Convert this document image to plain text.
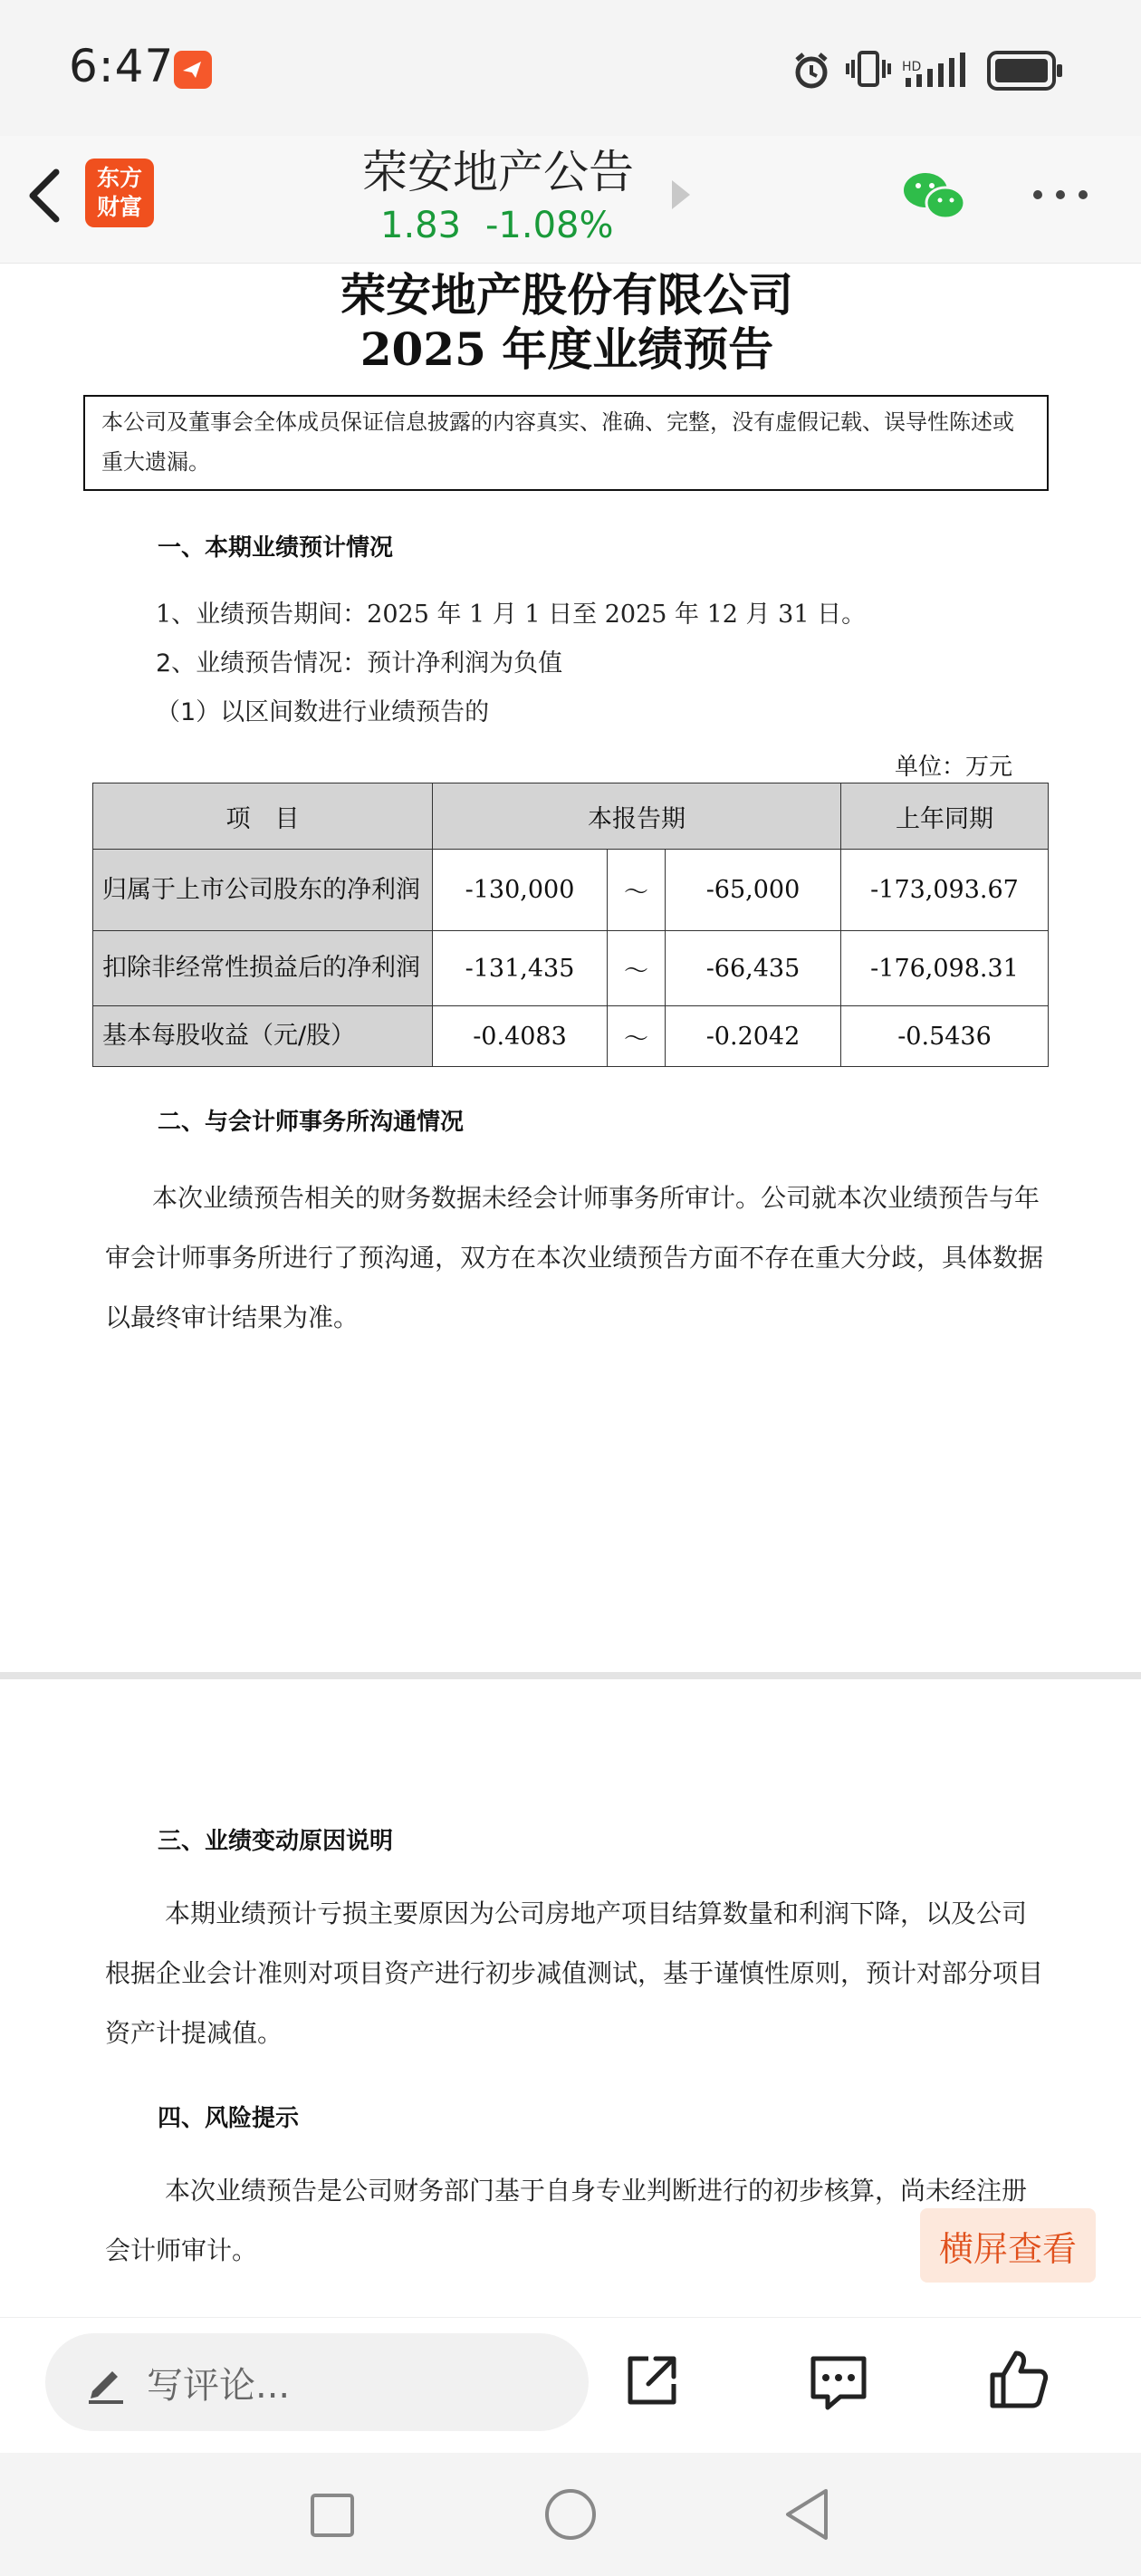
6:47	HD
东方
财富
荣安地产公告
1.83 -1.08%
荣安地产股份有限公司
2025 年度业绩预告
本公司及董事会全体成员保证信息披露的内容真实、准确、完整，没有虚假记载、误导性陈述或重大遗漏。
一、本期业绩预计情况
1、业绩预告期间：2025 年 1 月 1 日至 2025 年 12 月 31 日。
2、业绩预告情况：预计净利润为负值
（1）以区间数进行业绩预告的
单位：万元
项　目	本报告期	上年同期
归属于上市公司股东的净利润	-130,000	～	-65,000	-173,093.67
扣除非经常性损益后的净利润	-131,435	～	-66,435	-176,098.31
基本每股收益（元/股）	-0.4083	～	-0.2042	-0.5436
二、与会计师事务所沟通情况
本次业绩预告相关的财务数据未经会计师事务所审计。公司就本次业绩预告与年审会计师事务所进行了预沟通，双方在本次业绩预告方面不存在重大分歧，具体数据以最终审计结果为准。
三、业绩变动原因说明
本期业绩预计亏损主要原因为公司房地产项目结算数量和利润下降，以及公司根据企业会计准则对项目资产进行初步减值测试，基于谨慎性原则，预计对部分项目资产计提减值。
四、风险提示
本次业绩预告是公司财务部门基于自身专业判断进行的初步核算，尚未经注册会计师审计。	横屏查看
写评论...
